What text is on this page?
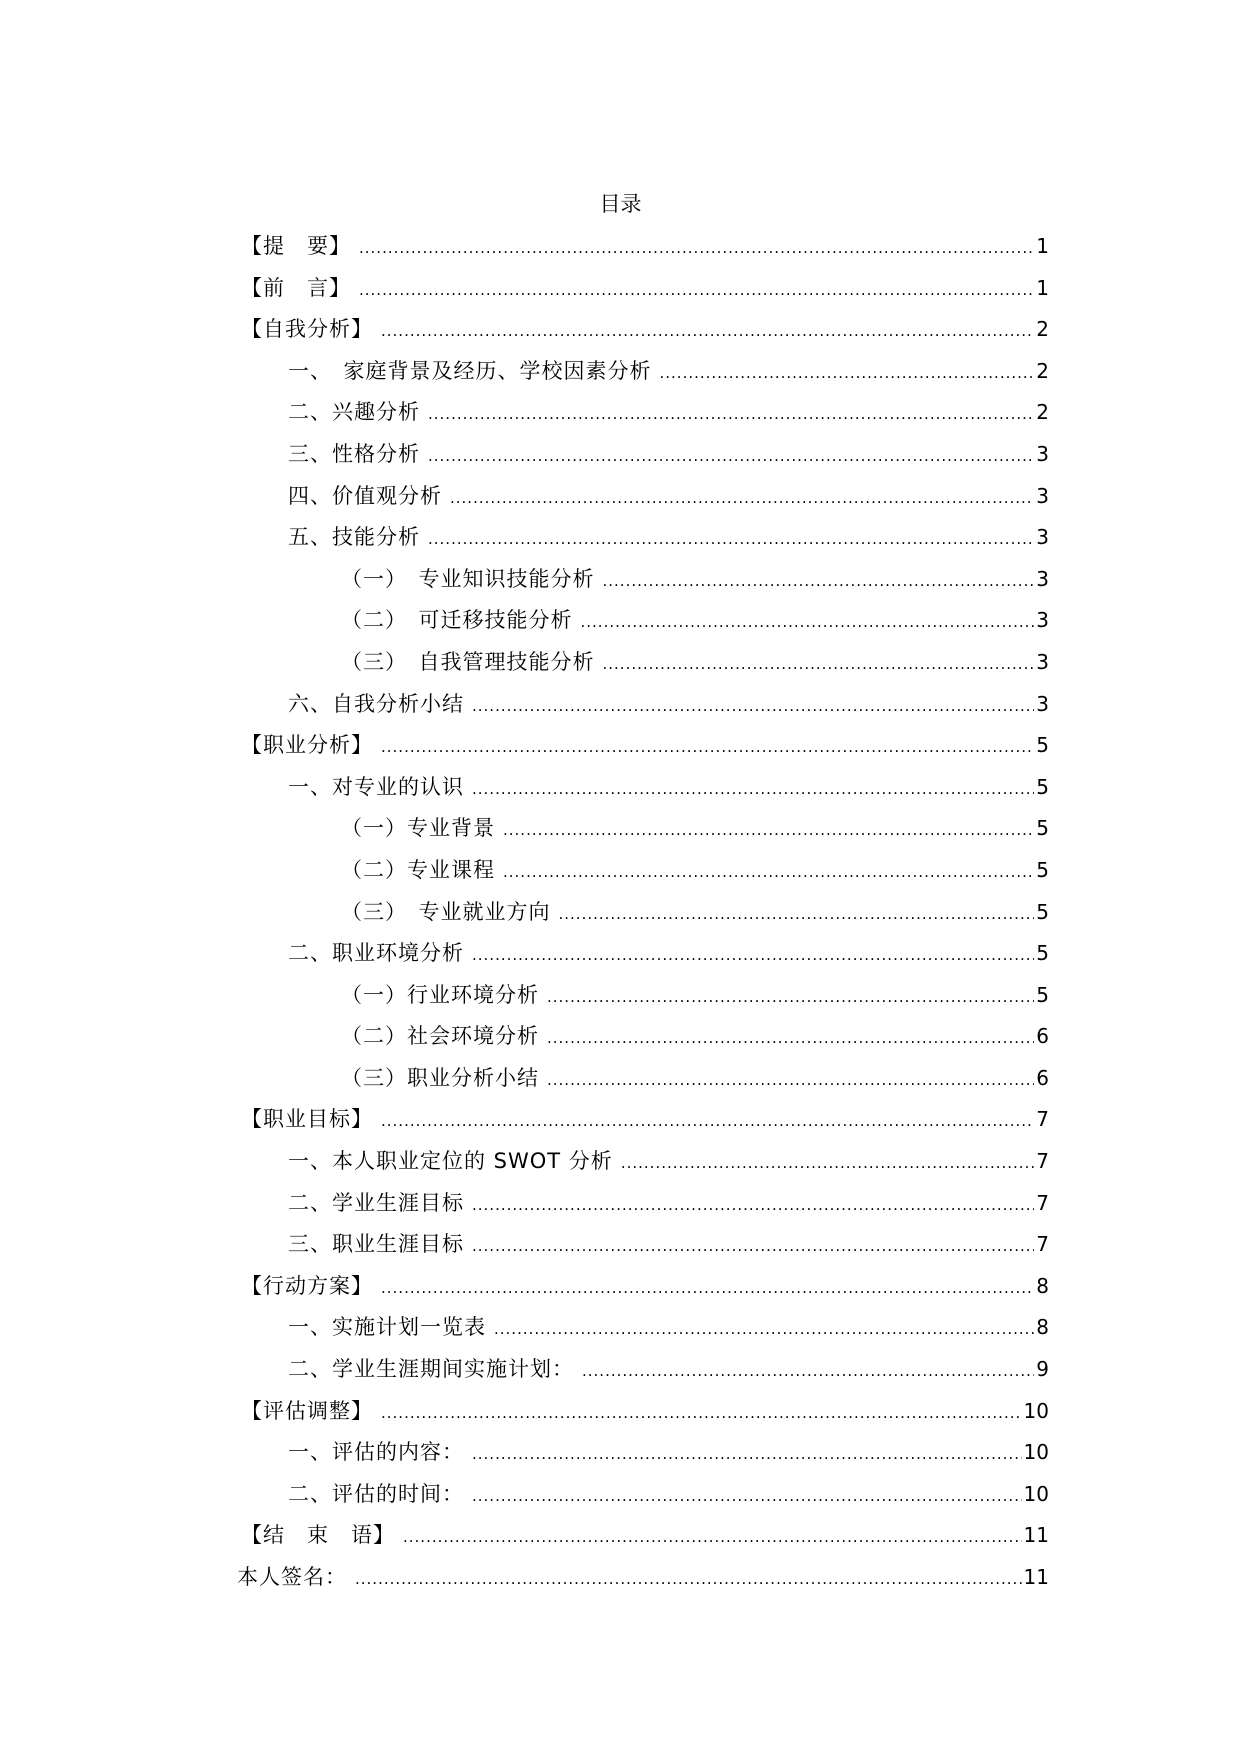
目录
【提　要】 .....	1
【前　言】 .....	1
【自我分析】 .....	2
一、　家庭背景及经历、学校因素分析 .....	2
二、兴趣分析 .....	2
三、性格分析 .....	3
四、价值观分析 .....	3
五、技能分析 .....	3
（一）　专业知识技能分析 .....	3
（二）　可迁移技能分析 .....	3
（三）　自我管理技能分析 .....	3
六、自我分析小结 .....	3
【职业分析】 .....	5
一、对专业的认识 .....	5
（一）专业背景 .....	5
（二）专业课程 .....	5
（三）　专业就业方向 .....	5
二、职业环境分析 .....	5
（一）行业环境分析 .....	5
（二）社会环境分析 .....	6
（三）职业分析小结 .....	6
【职业目标】 .....	7
一、本人职业定位的 SWOT 分析 .....	7
二、学业生涯目标 .....	7
三、职业生涯目标 .....	7
【行动方案】 .....	8
一、实施计划一览表 .....	8
二、学业生涯期间实施计划： .....	9
【评估调整】 .....	10
一、评估的内容： .....	10
二、评估的时间： .....	10
【结　束　语】 .....	11
本人签名： .....	11
